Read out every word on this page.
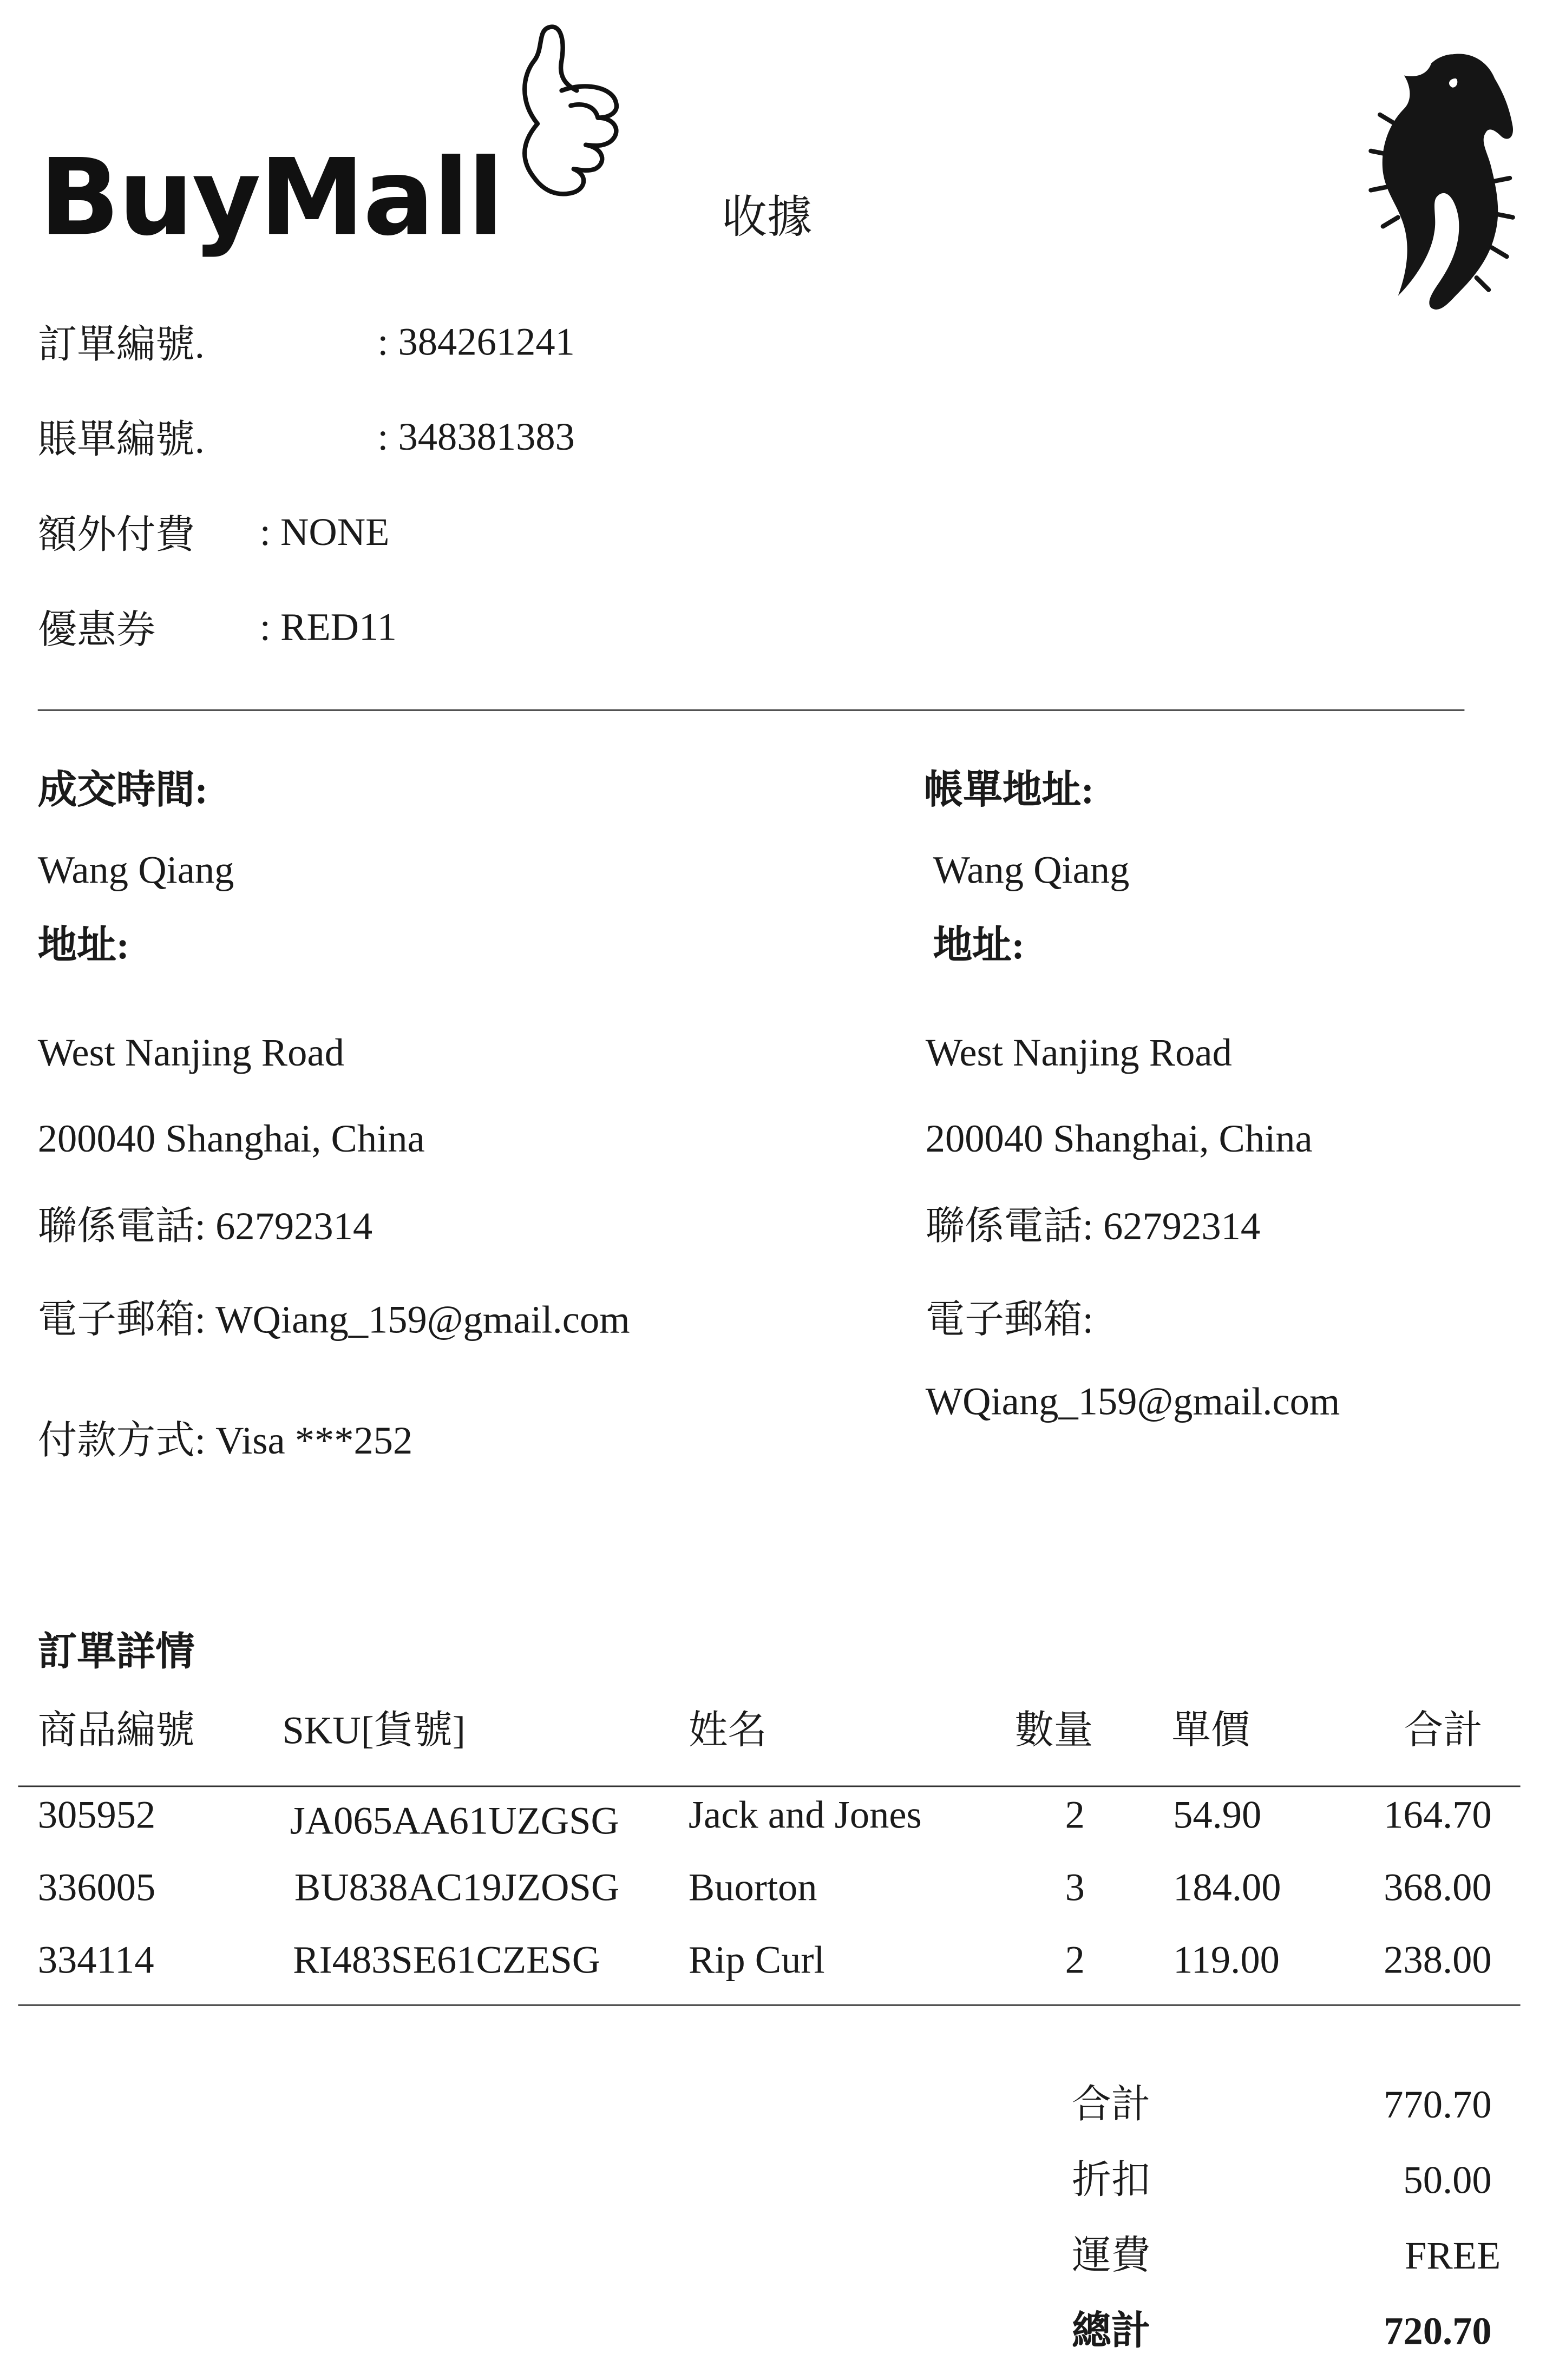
BuyMall	收據
訂單編號.	: 384261241
賬單編號.	: 348381383
額外付費	: NONE
優惠券	: RED11
成交時間:
Wang Qiang
地址:
West Nanjing Road
200040 Shanghai, China
聯係電話: 62792314
電子郵箱: WQiang_159@gmail.com
付款方式: Visa ***252
帳單地址:
Wang Qiang
地址:
West Nanjing Road
200040 Shanghai, China
聯係電話: 62792314
電子郵箱:
WQiang_159@gmail.com
訂單詳情
商品編號	SKU[貨號]	姓名	數量	單價	合計
305952	JA065AA61UZGSG	Jack and Jones	2	54.90	164.70
336005	BU838AC19JZOSG	Buorton	3	184.00	368.00
334114	RI483SE61CZESG	Rip Curl	2	119.00	238.00
合計	770.70
折扣	50.00
運費	FREE
總計	720.70
